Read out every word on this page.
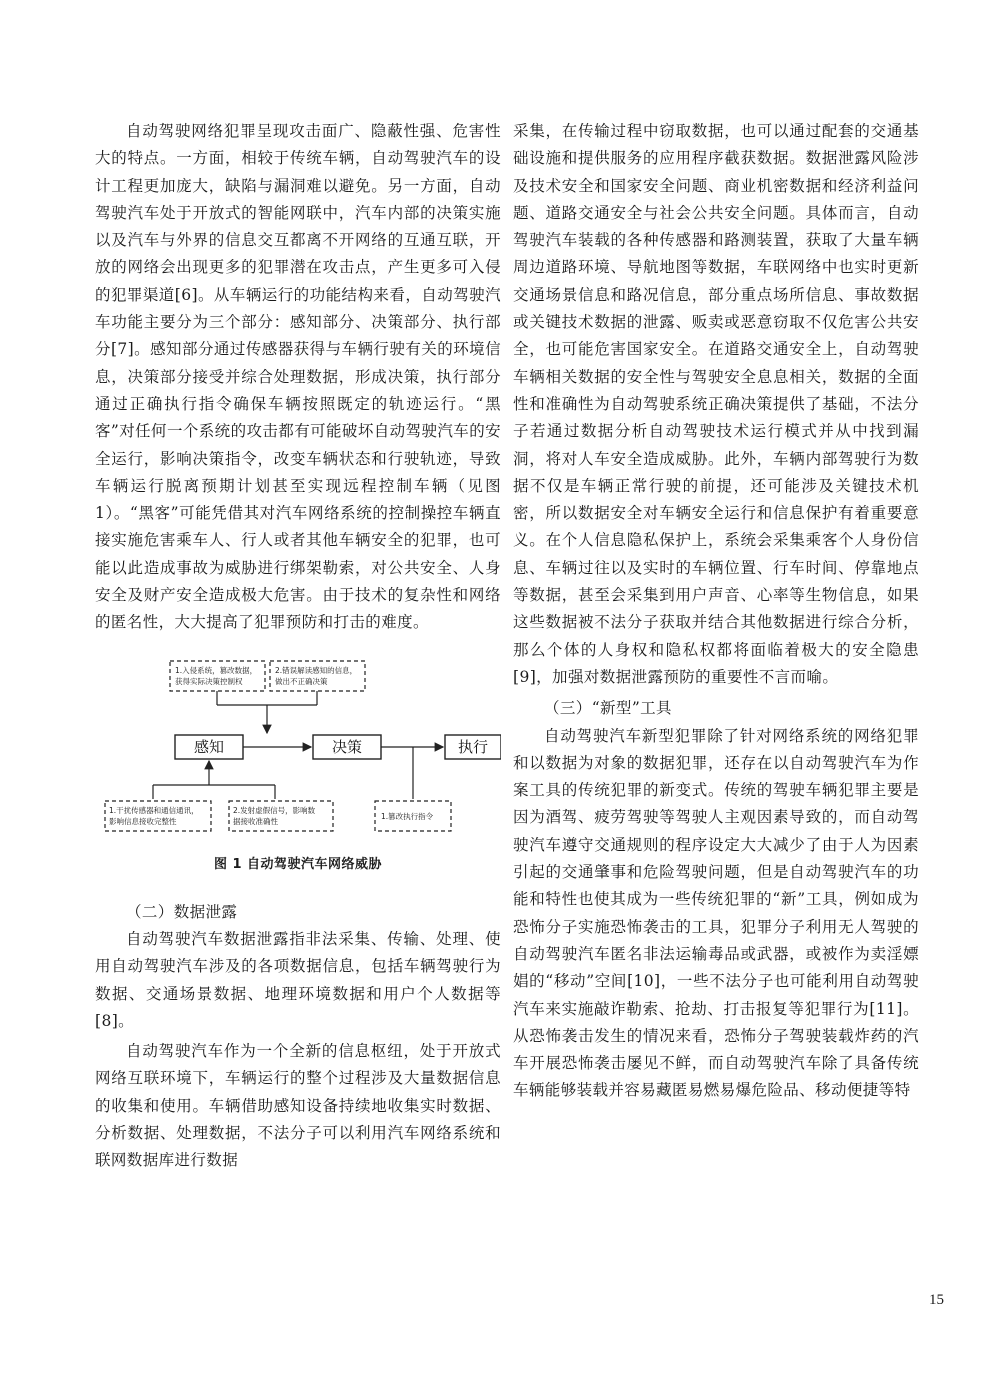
自动驾驶网络犯罪呈现攻击面广、隐蔽性强、危害性大的特点。一方面，相较于传统车辆，自动驾驶汽车的设计工程更加庞大，缺陷与漏洞难以避免。另一方面，自动驾驶汽车处于开放式的智能网联中，汽车内部的决策实施以及汽车与外界的信息交互都离不开网络的互通互联，开放的网络会出现更多的犯罪潜在攻击点，产生更多可入侵的犯罪渠道[6]。从车辆运行的功能结构来看，自动驾驶汽车功能主要分为三个部分：感知部分、决策部分、执行部分[7]。感知部分通过传感器获得与车辆行驶有关的环境信息，决策部分接受并综合处理数据，形成决策，执行部分通过正确执行指令确保车辆按照既定的轨迹运行。“黑客”对任何一个系统的攻击都有可能破坏自动驾驶汽车的安全运行，影响决策指令，改变车辆状态和行驶轨迹，导致车辆运行脱离预期计划甚至实现远程控制车辆（见图1）。“黑客”可能凭借其对汽车网络系统的控制操控车辆直接实施危害乘车人、行人或者其他车辆安全的犯罪，也可能以此造成事故为威胁进行绑架勒索，对公共安全、人身安全及财产安全造成极大危害。由于技术的复杂性和网络的匿名性，大大提高了犯罪预防和打击的难度。

1.入侵系统，篡改数据，
获得实际决策控制权
2.错误解读感知的信息，
做出不正确决策
感知	决策	执行
1.干扰传感器和通信通讯，
影响信息接收完整性
2.发射虚假信号，影响数
据接收准确性
1.篡改执行指令
图 1 自动驾驶汽车网络威胁
（二）数据泄露

自动驾驶汽车数据泄露指非法采集、传输、处理、使用自动驾驶汽车涉及的各项数据信息，包括车辆驾驶行为数据、交通场景数据、地理环境数据和用户个人数据等[8]。

自动驾驶汽车作为一个全新的信息枢纽，处于开放式网络互联环境下，车辆运行的整个过程涉及大量数据信息的收集和使用。车辆借助感知设备持续地收集实时数据、分析数据、处理数据，不法分子可以利用汽车网络系统和联网数据库进行数据

采集，在传输过程中窃取数据，也可以通过配套的交通基础设施和提供服务的应用程序截获数据。数据泄露风险涉及技术安全和国家安全问题、商业机密数据和经济利益问题、道路交通安全与社会公共安全问题。具体而言，自动驾驶汽车装载的各种传感器和路测装置，获取了大量车辆周边道路环境、导航地图等数据，车联网络中也实时更新交通场景信息和路况信息，部分重点场所信息、事故数据或关键技术数据的泄露、贩卖或恶意窃取不仅危害公共安全，也可能危害国家安全。在道路交通安全上，自动驾驶车辆相关数据的安全性与驾驶安全息息相关，数据的全面性和准确性为自动驾驶系统正确决策提供了基础，不法分子若通过数据分析自动驾驶技术运行模式并从中找到漏洞，将对人车安全造成威胁。此外，车辆内部驾驶行为数据不仅是车辆正常行驶的前提，还可能涉及关键技术机密，所以数据安全对车辆安全运行和信息保护有着重要意义。在个人信息隐私保护上，系统会采集乘客个人身份信息、车辆过往以及实时的车辆位置、行车时间、停靠地点等数据，甚至会采集到用户声音、心率等生物信息，如果这些数据被不法分子获取并结合其他数据进行综合分析，那么个体的人身权和隐私权都将面临着极大的安全隐患[9]，加强对数据泄露预防的重要性不言而喻。

（三）“新型”工具

自动驾驶汽车新型犯罪除了针对网络系统的网络犯罪和以数据为对象的数据犯罪，还存在以自动驾驶汽车为作案工具的传统犯罪的新变式。传统的驾驶车辆犯罪主要是因为酒驾、疲劳驾驶等驾驶人主观因素导致的，而自动驾驶汽车遵守交通规则的程序设定大大减少了由于人为因素引起的交通肇事和危险驾驶问题，但是自动驾驶汽车的功能和特性也使其成为一些传统犯罪的“新”工具，例如成为恐怖分子实施恐怖袭击的工具，犯罪分子利用无人驾驶的自动驾驶汽车匿名非法运输毒品或武器，或被作为卖淫嫖娼的“移动”空间[10]，一些不法分子也可能利用自动驾驶汽车来实施敲诈勒索、抢劫、打击报复等犯罪行为[11]。从恐怖袭击发生的情况来看，恐怖分子驾驶装载炸药的汽车开展恐怖袭击屡见不鲜，而自动驾驶汽车除了具备传统车辆能够装载并容易藏匿易燃易爆危险品、移动便捷等特

15
